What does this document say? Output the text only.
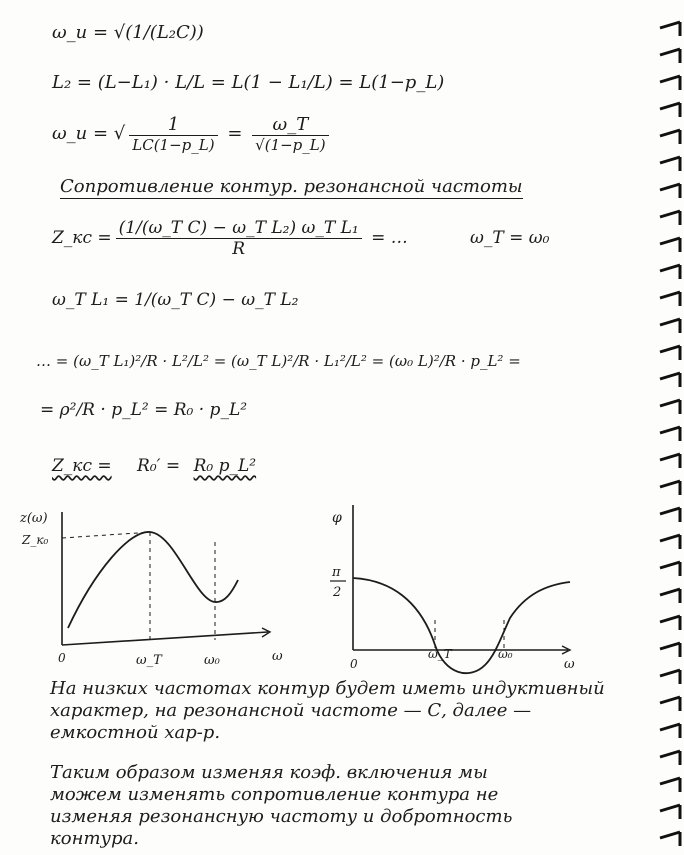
ω_и = √(1/(L₂C))
L₂ = (L−L₁) · L/L = L(1 − L₁/L) = L(1−p_L)
ω_и = √ $\frac{1}{LC(1-p\_L)} = \frac{\omega\_T}{√(1-p\_L)}$
Сопротивление контур. резонансной частоты
Z_кс = $\frac{\text{(1/(ω\_T C) − ω\_T L₂) ω\_T L₁}}{R}$ = …	ω_T = ω₀
ω_T L₁ = 1/(ω_T C) − ω_T L₂
… = (ω_T L₁)²/R · L²/L² = (ω_T L)²/R · L₁²/L² = (ω₀ L)²/R · p_L² =
= ρ²/R · p_L² = R₀ · p_L²
Z_кс = R₀′ = R₀ p_L²
z(ω)
Z_к₀
0	ω_T	ω₀	ω
φ
π
2
0
ω_T	ω₀
ω
На низких частотах контур будет иметь индуктивный
характер, на резонансной частоте — С, далее —
емкостной хар-р.
Таким образом изменяя коэф. включения мы
можем изменять сопротивление контура не
изменяя резонансную частоту и добротность
контура.
